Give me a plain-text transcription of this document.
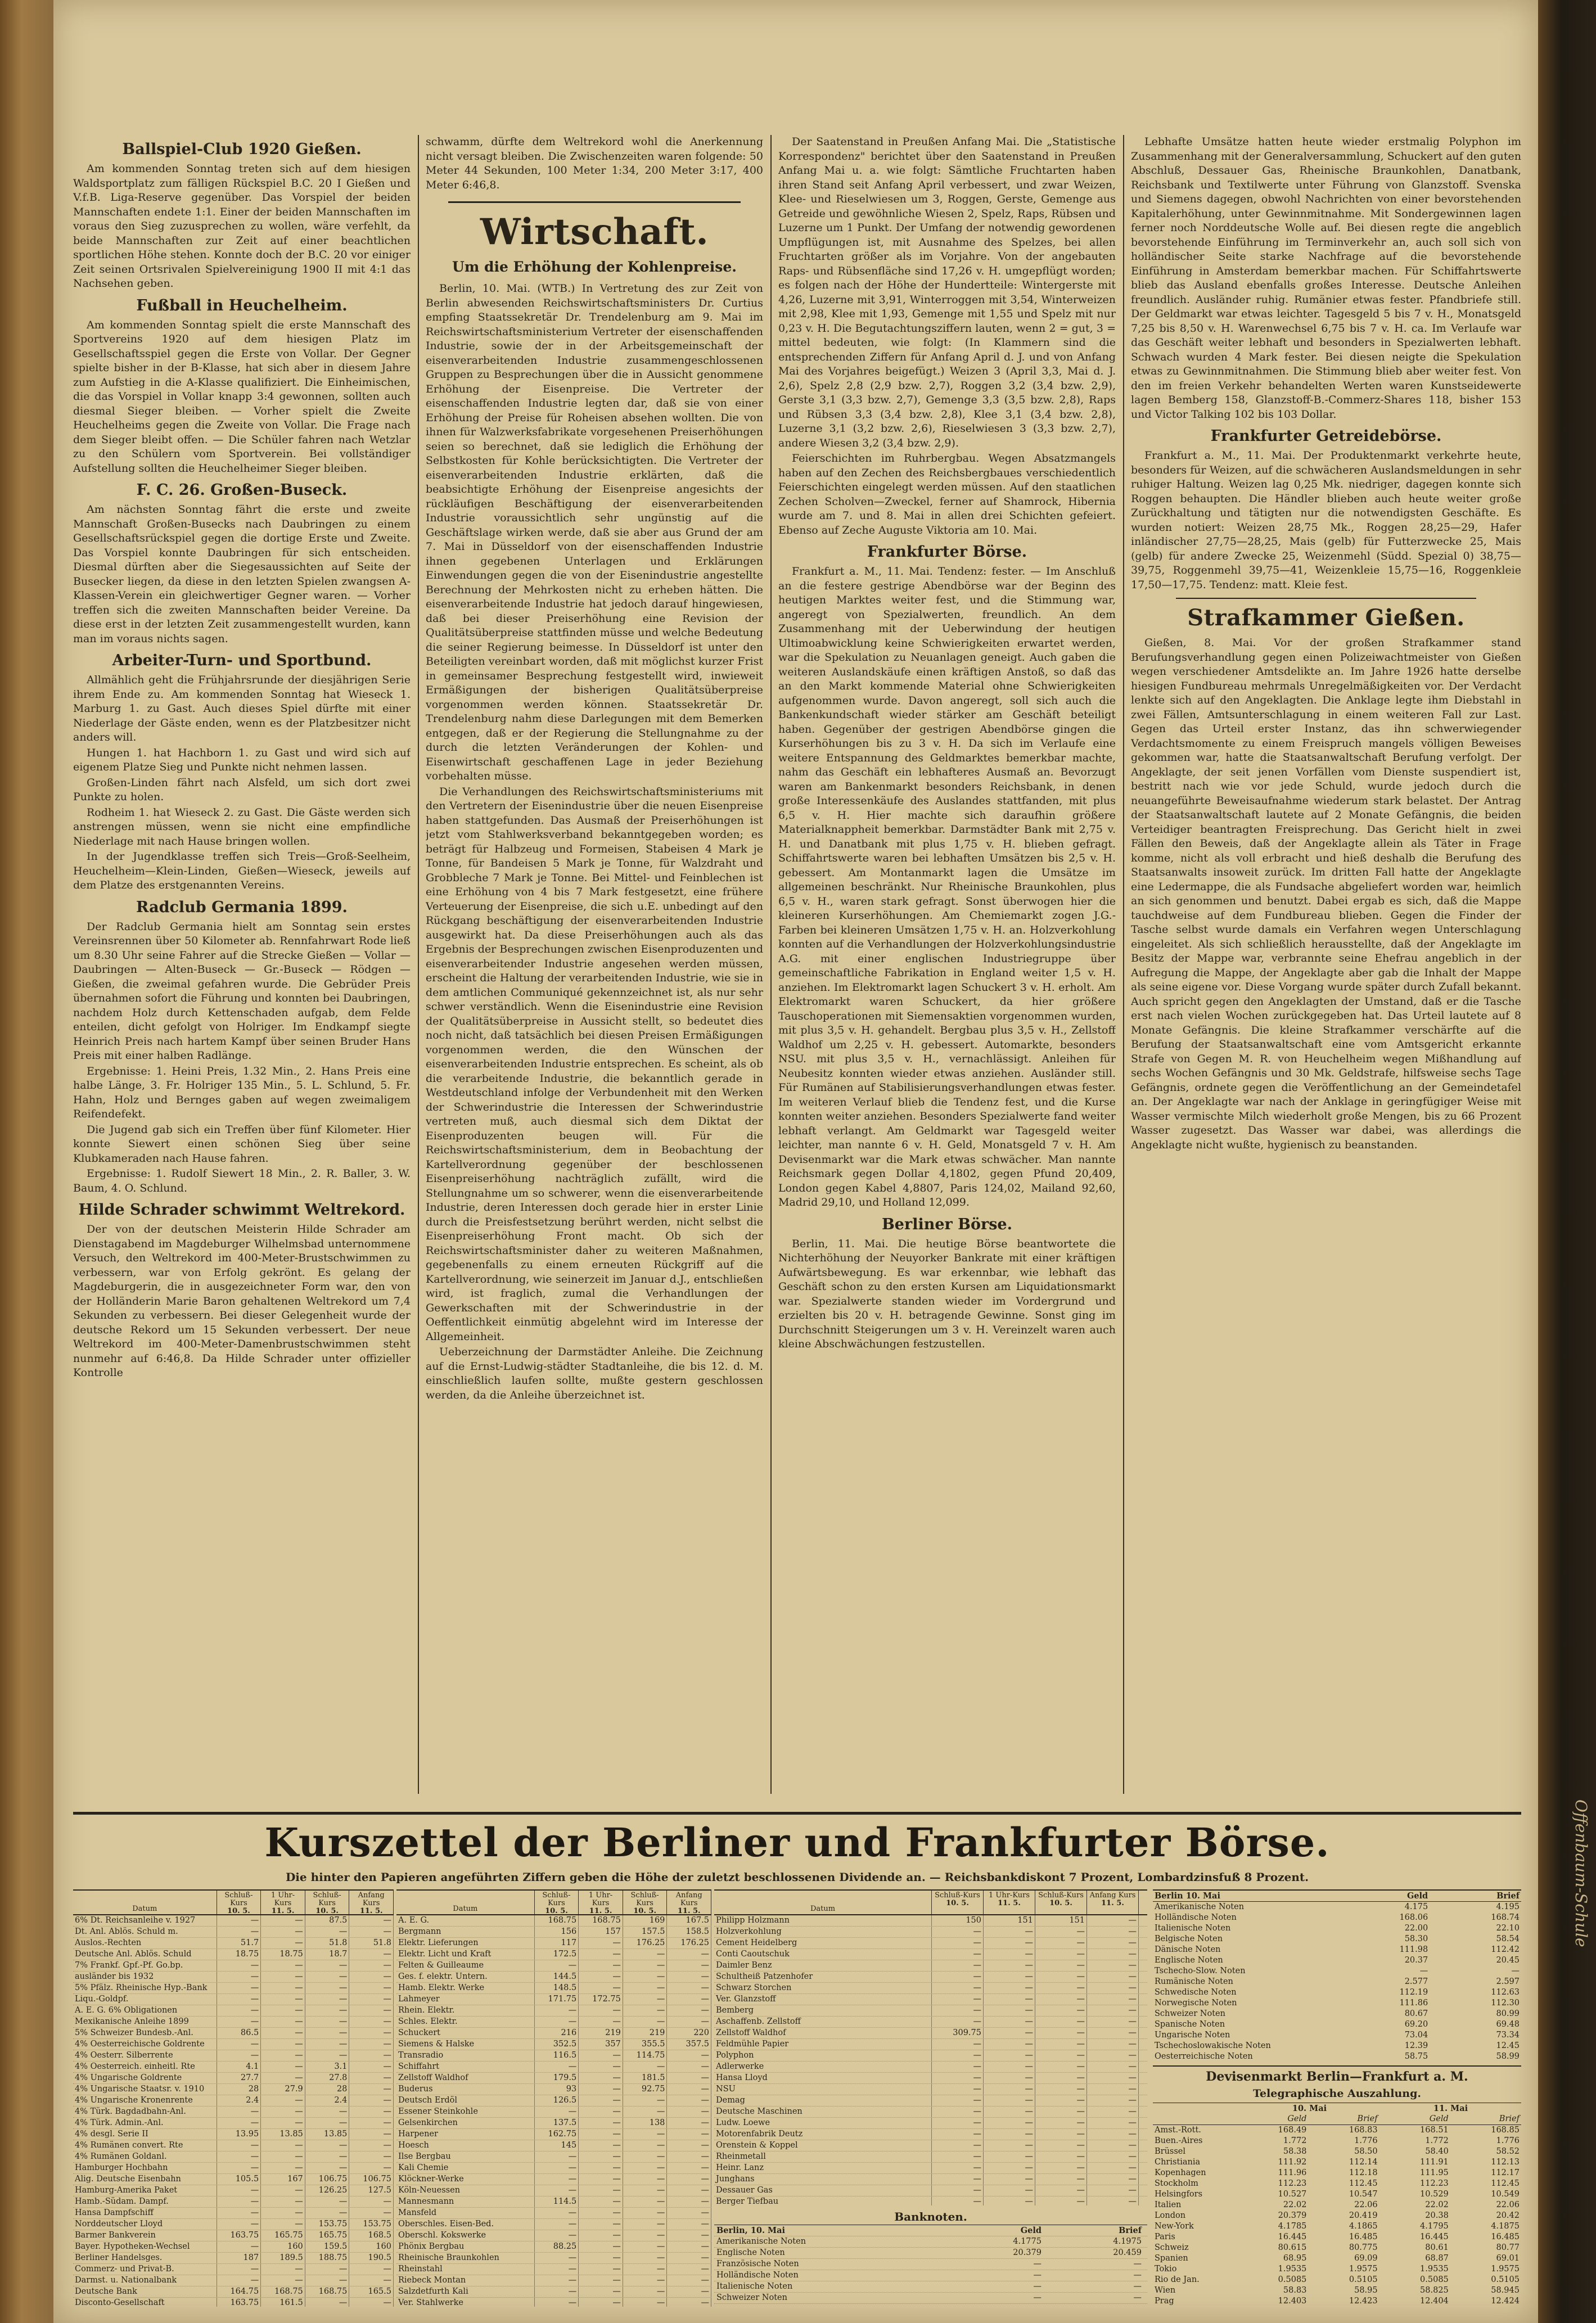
Offenbaum-Schule
Ballspiel-Club 1920 Gießen.

Am kommenden Sonntag treten sich auf dem hiesigen Waldsportplatz zum fälligen Rückspiel B.C. 20 I Gießen und V.f.B. Liga-Reserve gegenüber. Das Vorspiel der beiden Mannschaften endete 1:1. Einer der beiden Mannschaften im voraus den Sieg zuzusprechen zu wollen, wäre verfehlt, da beide Mannschaften zur Zeit auf einer beachtlichen sportlichen Höhe stehen. Konnte doch der B.C. 20 vor einiger Zeit seinen Ortsrivalen Spielvereinigung 1900 II mit 4:1 das Nachsehen geben.

Fußball in Heuchelheim.

Am kommenden Sonntag spielt die erste Mannschaft des Sportvereins 1920 auf dem hiesigen Platz im Gesellschaftsspiel gegen die Erste von Vollar. Der Gegner spielte bisher in der B-Klasse, hat sich aber in diesem Jahre zum Aufstieg in die A-Klasse qualifiziert. Die Einheimischen, die das Vorspiel in Vollar knapp 3:4 gewonnen, sollten auch diesmal Sieger bleiben. — Vorher spielt die Zweite Heuchelheims gegen die Zweite von Vollar. Die Frage nach dem Sieger bleibt offen. — Die Schüler fahren nach Wetzlar zu den Schülern vom Sportverein. Bei vollständiger Aufstellung sollten die Heuchelheimer Sieger bleiben.

F. C. 26. Großen-Buseck.

Am nächsten Sonntag fährt die erste und zweite Mannschaft Großen-Busecks nach Daubringen zu einem Gesellschaftsrückspiel gegen die dortige Erste und Zweite. Das Vorspiel konnte Daubringen für sich entscheiden. Diesmal dürften aber die Siegesaussichten auf Seite der Busecker liegen, da diese in den letzten Spielen zwangsen A-Klassen-Verein ein gleichwertiger Gegner waren. — Vorher treffen sich die zweiten Mannschaften beider Vereine. Da diese erst in der letzten Zeit zusammengestellt wurden, kann man im voraus nichts sagen.

Arbeiter-Turn- und Sportbund.

Allmählich geht die Frühjahrsrunde der diesjährigen Serie ihrem Ende zu. Am kommenden Sonntag hat Wieseck 1. Marburg 1. zu Gast. Auch dieses Spiel dürfte mit einer Niederlage der Gäste enden, wenn es der Platzbesitzer nicht anders will.

Hungen 1. hat Hachborn 1. zu Gast und wird sich auf eigenem Platze Sieg und Punkte nicht nehmen lassen.

Großen-Linden fährt nach Alsfeld, um sich dort zwei Punkte zu holen.

Rodheim 1. hat Wieseck 2. zu Gast. Die Gäste werden sich anstrengen müssen, wenn sie nicht eine empfindliche Niederlage mit nach Hause bringen wollen.

In der Jugendklasse treffen sich Treis—Groß-Seelheim, Heuchelheim—Klein-Linden, Gießen—Wieseck, jeweils auf dem Platze des erstgenannten Vereins.

Radclub Germania 1899.

Der Radclub Germania hielt am Sonntag sein erstes Vereinsrennen über 50 Kilometer ab. Rennfahrwart Rode ließ um 8.30 Uhr seine Fahrer auf die Strecke Gießen — Vollar — Daubringen — Alten-Buseck — Gr.-Buseck — Rödgen — Gießen, die zweimal gefahren wurde. Die Gebrüder Preis übernahmen sofort die Führung und konnten bei Daubringen, nachdem Holz durch Kettenschaden aufgab, dem Felde enteilen, dicht gefolgt von Holriger. Im Endkampf siegte Heinrich Preis nach hartem Kampf über seinen Bruder Hans Preis mit einer halben Radlänge.

Ergebnisse: 1. Heini Preis, 1.32 Min., 2. Hans Preis eine halbe Länge, 3. Fr. Holriger 135 Min., 5. L. Schlund, 5. Fr. Hahn, Holz und Bernges gaben auf wegen zweimaligem Reifendefekt.

Die Jugend gab sich ein Treffen über fünf Kilometer. Hier konnte Siewert einen schönen Sieg über seine Klubkameraden nach Hause fahren.

Ergebnisse: 1. Rudolf Siewert 18 Min., 2. R. Baller, 3. W. Baum, 4. O. Schlund.

Hilde Schrader schwimmt Weltrekord.

Der von der deutschen Meisterin Hilde Schrader am Dienstagabend im Magdeburger Wilhelmsbad unternommene Versuch, den Weltrekord im 400-Meter-Brustschwimmen zu verbessern, war von Erfolg gekrönt. Es gelang der Magdeburgerin, die in ausgezeichneter Form war, den von der Holländerin Marie Baron gehaltenen Weltrekord um 7,4 Sekunden zu verbessern. Bei dieser Gelegenheit wurde der deutsche Rekord um 15 Sekunden verbessert. Der neue Weltrekord im 400-Meter-Damenbrustschwimmen steht nunmehr auf 6:46,8. Da Hilde Schrader unter offizieller Kontrolle

schwamm, dürfte dem Weltrekord wohl die Anerkennung nicht versagt bleiben. Die Zwischenzeiten waren folgende: 50 Meter 44 Sekunden, 100 Meter 1:34, 200 Meter 3:17, 400 Meter 6:46,8.

Wirtschaft.
Um die Erhöhung der Kohlenpreise.

Berlin, 10. Mai. (WTB.) In Vertretung des zur Zeit von Berlin abwesenden Reichswirtschaftsministers Dr. Curtius empfing Staatssekretär Dr. Trendelenburg am 9. Mai im Reichswirtschaftsministerium Vertreter der eisenschaffenden Industrie, sowie der in der Arbeitsgemeinschaft der eisenverarbeitenden Industrie zusammengeschlossenen Gruppen zu Besprechungen über die in Aussicht genommene Erhöhung der Eisenpreise. Die Vertreter der eisenschaffenden Industrie legten dar, daß sie von einer Erhöhung der Preise für Roheisen absehen wollten. Die von ihnen für Walzwerksfabrikate vorgesehenen Preiserhöhungen seien so berechnet, daß sie lediglich die Erhöhung der Selbstkosten für Kohle berücksichtigten. Die Vertreter der eisenverarbeitenden Industrie erklärten, daß die beabsichtigte Erhöhung der Eisenpreise angesichts der rückläufigen Beschäftigung der eisenverarbeitenden Industrie voraussichtlich sehr ungünstig auf die Geschäftslage wirken werde, daß sie aber aus Grund der am 7. Mai in Düsseldorf von der eisenschaffenden Industrie ihnen gegebenen Unterlagen und Erklärungen Einwendungen gegen die von der Eisenindustrie angestellte Berechnung der Mehrkosten nicht zu erheben hätten. Die eisenverarbeitende Industrie hat jedoch darauf hingewiesen, daß bei dieser Preiserhöhung eine Revision der Qualitätsüberpreise stattfinden müsse und welche Bedeutung die seiner Regierung beimesse. In Düsseldorf ist unter den Beteiligten vereinbart worden, daß mit möglichst kurzer Frist in gemeinsamer Besprechung festgestellt wird, inwieweit Ermäßigungen der bisherigen Qualitätsüberpreise vorgenommen werden können. Staatssekretär Dr. Trendelenburg nahm diese Darlegungen mit dem Bemerken entgegen, daß er der Regierung die Stellungnahme zu der durch die letzten Veränderungen der Kohlen- und Eisenwirtschaft geschaffenen Lage in jeder Beziehung vorbehalten müsse.

Die Verhandlungen des Reichswirtschaftsministeriums mit den Vertretern der Eisenindustrie über die neuen Eisenpreise haben stattgefunden. Das Ausmaß der Preiserhöhungen ist jetzt vom Stahlwerksverband bekanntgegeben worden; es beträgt für Halbzeug und Formeisen, Stabeisen 4 Mark je Tonne, für Bandeisen 5 Mark je Tonne, für Walzdraht und Grobbleche 7 Mark je Tonne. Bei Mittel- und Feinblechen ist eine Erhöhung von 4 bis 7 Mark festgesetzt, eine frühere Verteuerung der Eisenpreise, die sich u.E. unbedingt auf den Rückgang beschäftigung der eisenverarbeitenden Industrie ausgewirkt hat. Da diese Preiserhöhungen auch als das Ergebnis der Besprechungen zwischen Eisenproduzenten und eisenverarbeitender Industrie angesehen werden müssen, erscheint die Haltung der verarbeitenden Industrie, wie sie in dem amtlichen Communiqué gekennzeichnet ist, als nur sehr schwer verständlich. Wenn die Eisenindustrie eine Revision der Qualitätsüberpreise in Aussicht stellt, so bedeutet dies noch nicht, daß tatsächlich bei diesen Preisen Ermäßigungen vorgenommen werden, die den Wünschen der eisenverarbeitenden Industrie entsprechen. Es scheint, als ob die verarbeitende Industrie, die bekanntlich gerade in Westdeutschland infolge der Verbundenheit mit den Werken der Schwerindustrie die Interessen der Schwerindustrie vertreten muß, auch diesmal sich dem Diktat der Eisenproduzenten beugen will. Für die Reichswirtschaftsministerium, dem in Beobachtung der Kartellverordnung gegenüber der beschlossenen Eisenpreiserhöhung nachträglich zufällt, wird die Stellungnahme um so schwerer, wenn die eisenverarbeitende Industrie, deren Interessen doch gerade hier in erster Linie durch die Preisfestsetzung berührt werden, nicht selbst die Eisenpreiserhöhung Front macht. Ob sich der Reichswirtschaftsminister daher zu weiteren Maßnahmen, gegebenenfalls zu einem erneuten Rückgriff auf die Kartellverordnung, wie seinerzeit im Januar d.J., entschließen wird, ist fraglich, zumal die Verhandlungen der Gewerkschaften mit der Schwerindustrie in der Oeffentlichkeit einmütig abgelehnt wird im Interesse der Allgemeinheit.

Ueberzeichnung der Darmstädter Anleihe. Die Zeichnung auf die Ernst-Ludwig-städter Stadtanleihe, die bis 12. d. M. einschließlich laufen sollte, mußte gestern geschlossen werden, da die Anleihe überzeichnet ist.

Der Saatenstand in Preußen Anfang Mai. Die „Statistische Korrespondenz" berichtet über den Saatenstand in Preußen Anfang Mai u. a. wie folgt: Sämtliche Fruchtarten haben ihren Stand seit Anfang April verbessert, und zwar Weizen, Klee- und Rieselwiesen um 3, Roggen, Gerste, Gemenge aus Getreide und gewöhnliche Wiesen 2, Spelz, Raps, Rübsen und Luzerne um 1 Punkt. Der Umfang der notwendig gewordenen Umpflügungen ist, mit Ausnahme des Spelzes, bei allen Fruchtarten größer als im Vorjahre. Von der angebauten Raps- und Rübsenfläche sind 17,26 v. H. umgepflügt worden; es folgen nach der Höhe der Hundertteile: Wintergerste mit 4,26, Luzerne mit 3,91, Winterroggen mit 3,54, Winterweizen mit 2,98, Klee mit 1,93, Gemenge mit 1,55 und Spelz mit nur 0,23 v. H. Die Begutachtungsziffern lauten, wenn 2 = gut, 3 = mittel bedeuten, wie folgt: (In Klammern sind die entsprechenden Ziffern für Anfang April d. J. und von Anfang Mai des Vorjahres beigefügt.) Weizen 3 (April 3,3, Mai d. J. 2,6), Spelz 2,8 (2,9 bzw. 2,7), Roggen 3,2 (3,4 bzw. 2,9), Gerste 3,1 (3,3 bzw. 2,7), Gemenge 3,3 (3,5 bzw. 2,8), Raps und Rübsen 3,3 (3,4 bzw. 2,8), Klee 3,1 (3,4 bzw. 2,8), Luzerne 3,1 (3,2 bzw. 2,6), Rieselwiesen 3 (3,3 bzw. 2,7), andere Wiesen 3,2 (3,4 bzw. 2,9).

Feierschichten im Ruhrbergbau. Wegen Absatzmangels haben auf den Zechen des Reichsbergbaues verschiedentlich Feierschichten eingelegt werden müssen. Auf den staatlichen Zechen Scholven—Zweckel, ferner auf Shamrock, Hibernia wurde am 7. und 8. Mai in allen drei Schichten gefeiert. Ebenso auf Zeche Auguste Viktoria am 10. Mai.

Frankfurter Börse.

Frankfurt a. M., 11. Mai. Tendenz: fester. — Im Anschluß an die festere gestrige Abendbörse war der Beginn des heutigen Marktes weiter fest, und die Stimmung war, angeregt von Spezialwerten, freundlich. An dem Zusammenhang mit der Ueberwindung der heutigen Ultimoabwicklung keine Schwierigkeiten erwartet werden, war die Spekulation zu Neuanlagen geneigt. Auch gaben die weiteren Auslandskäufe einen kräftigen Anstoß, so daß das an den Markt kommende Material ohne Schwierigkeiten aufgenommen wurde. Davon angeregt, soll sich auch die Bankenkundschaft wieder stärker am Geschäft beteiligt haben. Gegenüber der gestrigen Abendbörse gingen die Kurserhöhungen bis zu 3 v. H. Da sich im Verlaufe eine weitere Entspannung des Geldmarktes bemerkbar machte, nahm das Geschäft ein lebhafteres Ausmaß an. Bevorzugt waren am Bankenmarkt besonders Reichsbank, in denen große Interessenkäufe des Auslandes stattfanden, mit plus 6,5 v. H. Hier machte sich daraufhin größere Materialknappheit bemerkbar. Darmstädter Bank mit 2,75 v. H. und Danatbank mit plus 1,75 v. H. blieben gefragt. Schiffahrtswerte waren bei lebhaften Umsätzen bis 2,5 v. H. gebessert. Am Montanmarkt lagen die Umsätze im allgemeinen beschränkt. Nur Rheinische Braunkohlen, plus 6,5 v. H., waren stark gefragt. Sonst überwogen hier die kleineren Kurserhöhungen. Am Chemiemarkt zogen J.G.-Farben bei kleineren Umsätzen 1,75 v. H. an. Holzverkohlung konnten auf die Verhandlungen der Holzverkohlungsindustrie A.G. mit einer englischen Industriegruppe über gemeinschaftliche Fabrikation in England weiter 1,5 v. H. anziehen. Im Elektromarkt lagen Schuckert 3 v. H. erholt. Am Elektromarkt waren Schuckert, da hier größere Tauschoperationen mit Siemensaktien vorgenommen wurden, mit plus 3,5 v. H. gehandelt. Bergbau plus 3,5 v. H., Zellstoff Waldhof um 2,25 v. H. gebessert. Automarkte, besonders NSU. mit plus 3,5 v. H., vernachlässigt. Anleihen für Neubesitz konnten wieder etwas anziehen. Ausländer still. Für Rumänen auf Stabilisierungsverhandlungen etwas fester. Im weiteren Verlauf blieb die Tendenz fest, und die Kurse konnten weiter anziehen. Besonders Spezialwerte fand weiter lebhaft verlangt. Am Geldmarkt war Tagesgeld weiter leichter, man nannte 6 v. H. Geld, Monatsgeld 7 v. H. Am Devisenmarkt war die Mark etwas schwächer. Man nannte Reichsmark gegen Dollar 4,1802, gegen Pfund 20,409, London gegen Kabel 4,8807, Paris 124,02, Mailand 92,60, Madrid 29,10, und Holland 12,099.

Berliner Börse.

Berlin, 11. Mai. Die heutige Börse beantwortete die Nichterhöhung der Neuyorker Bankrate mit einer kräftigen Aufwärtsbewegung. Es war erkennbar, wie lebhaft das Geschäft schon zu den ersten Kursen am Liquidationsmarkt war. Spezialwerte standen wieder im Vordergrund und erzielten bis 20 v. H. betragende Gewinne. Sonst ging im Durchschnitt Steigerungen um 3 v. H. Vereinzelt waren auch kleine Abschwächungen festzustellen.

Lebhafte Umsätze hatten heute wieder erstmalig Polyphon im Zusammenhang mit der Generalversammlung, Schuckert auf den guten Abschluß, Dessauer Gas, Rheinische Braunkohlen, Danatbank, Reichsbank und Textilwerte unter Führung von Glanzstoff. Svenska und Siemens dagegen, obwohl Nachrichten von einer bevorstehenden Kapitalerhöhung, unter Gewinnmitnahme. Mit Sondergewinnen lagen ferner noch Norddeutsche Wolle auf. Bei diesen regte die angeblich bevorstehende Einführung im Terminverkehr an, auch soll sich von holländischer Seite starke Nachfrage auf die bevorstehende Einführung in Amsterdam bemerkbar machen. Für Schiffahrtswerte blieb das Ausland ebenfalls großes Interesse. Deutsche Anleihen freundlich. Ausländer ruhig. Rumänier etwas fester. Pfandbriefe still. Der Geldmarkt war etwas leichter. Tagesgeld 5 bis 7 v. H., Monatsgeld 7,25 bis 8,50 v. H. Warenwechsel 6,75 bis 7 v. H. ca. Im Verlaufe war das Geschäft weiter lebhaft und besonders in Spezialwerten lebhaft. Schwach wurden 4 Mark fester. Bei diesen neigte die Spekulation etwas zu Gewinnmitnahmen. Die Stimmung blieb aber weiter fest. Von den im freien Verkehr behandelten Werten waren Kunstseidewerte lagen Bemberg 158, Glanzstoff-B.-Commerz-Shares 118, bisher 153 und Victor Talking 102 bis 103 Dollar.

Frankfurter Getreidebörse.

Frankfurt a. M., 11. Mai. Der Produktenmarkt verkehrte heute, besonders für Weizen, auf die schwächeren Auslandsmeldungen in sehr ruhiger Haltung. Weizen lag 0,25 Mk. niedriger, dagegen konnte sich Roggen behaupten. Die Händler blieben auch heute weiter große Zurückhaltung und tätigten nur die notwendigsten Geschäfte. Es wurden notiert: Weizen 28,75 Mk., Roggen 28,25—29, Hafer inländischer 27,75—28,25, Mais (gelb) für Futterzwecke 25, Mais (gelb) für andere Zwecke 25, Weizenmehl (Südd. Spezial 0) 38,75—39,75, Roggenmehl 39,75—41, Weizenkleie 15,75—16, Roggenkleie 17,50—17,75. Tendenz: matt. Kleie fest.

Strafkammer Gießen.

Gießen, 8. Mai. Vor der großen Strafkammer stand Berufungsverhandlung gegen einen Polizeiwachtmeister von Gießen wegen verschiedener Amtsdelikte an. Im Jahre 1926 hatte derselbe hiesigen Fundbureau mehrmals Unregelmäßigkeiten vor. Der Verdacht lenkte sich auf den Angeklagten. Die Anklage legte ihm Diebstahl in zwei Fällen, Amtsunterschlagung in einem weiteren Fall zur Last. Gegen das Urteil erster Instanz, das ihn schwerwiegender Verdachtsmomente zu einem Freispruch mangels völligen Beweises gekommen war, hatte die Staatsanwaltschaft Berufung verfolgt. Der Angeklagte, der seit jenen Vorfällen vom Dienste suspendiert ist, bestritt nach wie vor jede Schuld, wurde jedoch durch die neuangeführte Beweisaufnahme wiederum stark belastet. Der Antrag der Staatsanwaltschaft lautete auf 2 Monate Gefängnis, die beiden Verteidiger beantragten Freisprechung. Das Gericht hielt in zwei Fällen den Beweis, daß der Angeklagte allein als Täter in Frage komme, nicht als voll erbracht und hieß deshalb die Berufung des Staatsanwalts insoweit zurück. Im dritten Fall hatte der Angeklagte eine Ledermappe, die als Fundsache abgeliefert worden war, heimlich an sich genommen und benutzt. Dabei ergab es sich, daß die Mappe tauchdweise auf dem Fundbureau blieben. Gegen die Finder der Tasche selbst wurde damals ein Verfahren wegen Unterschlagung eingeleitet. Als sich schließlich herausstellte, daß der Angeklagte im Besitz der Mappe war, verbrannte seine Ehefrau angeblich in der Aufregung die Mappe, der Angeklagte aber gab die Inhalt der Mappe als seine eigene vor. Diese Vorgang wurde später durch Zufall bekannt. Auch spricht gegen den Angeklagten der Umstand, daß er die Tasche erst nach vielen Wochen zurückgegeben hat. Das Urteil lautete auf 8 Monate Gefängnis. Die kleine Strafkammer verschärfte auf die Berufung der Staatsanwaltschaft eine vom Amtsgericht erkannte Strafe von Gegen M. R. von Heuchelheim wegen Mißhandlung auf sechs Wochen Gefängnis und 30 Mk. Geldstrafe, hilfsweise sechs Tage Gefängnis, ordnete gegen die Veröffentlichung an der Gemeindetafel an. Der Angeklagte war nach der Anklage in geringfügiger Weise mit Wasser vermischte Milch wiederholt große Mengen, bis zu 66 Prozent Wasser zugesetzt. Das Wasser war dabei, was allerdings die Angeklagte nicht wußte, hygienisch zu beanstanden.

Kurszettel der Berliner und Frankfurter Börse.
Die hinter den Papieren angeführten Ziffern geben die Höhe der zuletzt beschlossenen Dividende an. — Reichsbankdiskont 7 Prozent, Lombardzinsfuß 8 Prozent.
Datum
Schluß-Kurs
10. 5.
1 Uhr-Kurs
11. 5.
Schluß-Kurs
10. 5.
Anfang Kurs
11. 5.
6% Dt. Reichsanleihe v. 1927	—	—	87.5	—
Dt. Anl. Ablös. Schuld m.	—	—	—	—
Auslos.-Rechten	51.7	—	51.8	51.8
Deutsche Anl. Ablös. Schuld	18.75	18.75	18.7	—
7% Frankf. Gpf.-Pf. Go.bp.	—	—	—	—
ausländer bis 1932	—	—	—	—
5% Pfälz. Rheinische Hyp.-Bank	—	—	—	—
Liqu.-Goldpf.	—	—	—	—
A. E. G. 6% Obligationen	—	—	—	—
Mexikanische Anleihe 1899	—	—	—	—
5% Schweizer Bundesb.-Anl.	86.5	—	—	—
4% Oesterreichische Goldrente	—	—	—	—
4% Oesterr. Silberrente	—	—	—	—
4% Oesterreich. einheitl. Rte	4.1	—	3.1	—
4% Ungarische Goldrente	27.7	—	27.8	—
4% Ungarische Staatsr. v. 1910	28	27.9	28	—
4% Ungarische Kronenrente	2.4	—	2.4	—
4% Türk. Bagdadbahn-Anl.	—	—	—	—
4% Türk. Admin.-Anl.	—	—	—	—
4% desgl. Serie II	13.95	13.85	13.85	—
4% Rumänen convert. Rte	—	—	—	—
4% Rumänen Goldanl.	—	—	—	—
Hamburger Hochbahn	—	—	—	—
Alig. Deutsche Eisenbahn	105.5	167	106.75	106.75
Hamburg-Amerika Paket	—	—	126.25	127.5
Hamb.-Südam. Dampf.	—	—	—	—
Hansa Dampfschiff	—	—	—	—
Norddeutscher Lloyd	—	—	153.75	153.75
Barmer Bankverein	163.75	165.75	165.75	168.5
Bayer. Hypotheken-Wechsel	—	160	159.5	160
Berliner Handelsges.	187	189.5	188.75	190.5
Commerz- und Privat-B.	—	—	—	—
Darmst. u. Nationalbank	—	—	—	—
Deutsche Bank	164.75	168.75	168.75	165.5
Disconto-Gesellschaft	163.75	161.5	—	—
Datum
Schluß-Kurs
10. 5.
1 Uhr-Kurs
11. 5.
Schluß-Kurs
10. 5.
Anfang Kurs
11. 5.
A. E. G.	168.75	168.75	169	167.5
Bergmann	156	157	157.5	158.5
Elektr. Lieferungen	117	—	176.25	176.25
Elektr. Licht und Kraft	172.5	—	—	—
Felten & Guilleaume	—	—	—	—
Ges. f. elektr. Untern.	144.5	—	—	—
Hamb. Elektr. Werke	148.5	—	—	—
Lahmeyer	171.75	172.75	—	—
Rhein. Elektr.	—	—	—	—
Schles. Elektr.	—	—	—	—
Schuckert	216	219	219	220
Siemens & Halske	352.5	357	355.5	357.5
Transradio	116.5	—	114.75	—
Schiffahrt	—	—	—	—
Zellstoff Waldhof	179.5	—	181.5	—
Buderus	93	—	92.75	—
Deutsch Erdöl	126.5	—	—	—
Essener Steinkohle	—	—	—	—
Gelsenkirchen	137.5	—	138	—
Harpener	162.75	—	—	—
Hoesch	145	—	—	—
Ilse Bergbau	—	—	—	—
Kali Chemie	—	—	—	—
Klöckner-Werke	—	—	—	—
Köln-Neuessen	—	—	—	—
Mannesmann	114.5	—	—	—
Mansfeld	—	—	—	—
Oberschles. Eisen-Bed.	—	—	—	—
Oberschl. Kokswerke	—	—	—	—
Phönix Bergbau	88.25	—	—	—
Rheinische Braunkohlen	—	—	—	—
Rheinstahl	—	—	—	—
Riebeck Montan	—	—	—	—
Salzdetfurth Kali	—	—	—	—
Ver. Stahlwerke	—	—	—	—
Datum
Schluß-Kurs
10. 5.
1 Uhr-Kurs
11. 5.
Schluß-Kurs
10. 5.
Anfang Kurs
11. 5.
Philipp Holzmann	150	151	151	—
Holzverkohlung	—	—	—	—
Cement Heidelberg	—	—	—	—
Conti Caoutschuk	—	—	—	—
Daimler Benz	—	—	—	—
Schultheiß Patzenhofer	—	—	—	—
Schwarz Storchen	—	—	—	—
Ver. Glanzstoff	—	—	—	—
Bemberg	—	—	—	—
Aschaffenb. Zellstoff	—	—	—	—
Zellstoff Waldhof	309.75	—	—	—
Feldmühle Papier	—	—	—	—
Polyphon	—	—	—	—
Adlerwerke	—	—	—	—
Hansa Lloyd	—	—	—	—
NSU	—	—	—	—
Demag	—	—	—	—
Deutsche Maschinen	—	—	—	—
Ludw. Loewe	—	—	—	—
Motorenfabrik Deutz	—	—	—	—
Orenstein & Koppel	—	—	—	—
Rheinmetall	—	—	—	—
Heinr. Lanz	—	—	—	—
Junghans	—	—	—	—
Dessauer Gas	—	—	—	—
Berger Tiefbau	—	—	—	—
Banknoten.
Berlin, 10. Mai	Geld	Brief
Amerikanische Noten	4.1775	4.1975
Englische Noten	20.379	20.459
Französische Noten	—	—
Holländische Noten	—	—
Italienische Noten	—	—
Schweizer Noten	—	—
Berlin 10. Mai	Geld	Brief
Amerikanische Noten	4.175	4.195
Holländische Noten	168.06	168.74
Italienische Noten	22.00	22.10
Belgische Noten	58.30	58.54
Dänische Noten	111.98	112.42
Englische Noten	20.37	20.45
Tschecho-Slow. Noten	—	—
Rumänische Noten	2.577	2.597
Schwedische Noten	112.19	112.63
Norwegische Noten	111.86	112.30
Schweizer Noten	80.67	80.99
Spanische Noten	69.20	69.48
Ungarische Noten	73.04	73.34
Tschechoslowakische Noten	12.39	12.45
Oesterreichische Noten	58.75	58.99
Devisenmarkt Berlin—Frankfurt a. M.
Telegraphische Auszahlung.
10. Mai	11. Mai
Geld	Brief	Geld	Brief
Amst.-Rott.	168.49	168.83	168.51	168.85
Buen.-Aires	1.772	1.776	1.772	1.776
Brüssel	58.38	58.50	58.40	58.52
Christiania	111.92	112.14	111.91	112.13
Kopenhagen	111.96	112.18	111.95	112.17
Stockholm	112.23	112.45	112.23	112.45
Helsingfors	10.527	10.547	10.529	10.549
Italien	22.02	22.06	22.02	22.06
London	20.379	20.419	20.38	20.42
New-York	4.1785	4.1865	4.1795	4.1875
Paris	16.445	16.485	16.445	16.485
Schweiz	80.615	80.775	80.61	80.77
Spanien	68.95	69.09	68.87	69.01
Tokio	1.9535	1.9575	1.9535	1.9575
Rio de Jan.	0.5085	0.5105	0.5085	0.5105
Wien	58.83	58.95	58.825	58.945
Prag	12.403	12.423	12.404	12.424
